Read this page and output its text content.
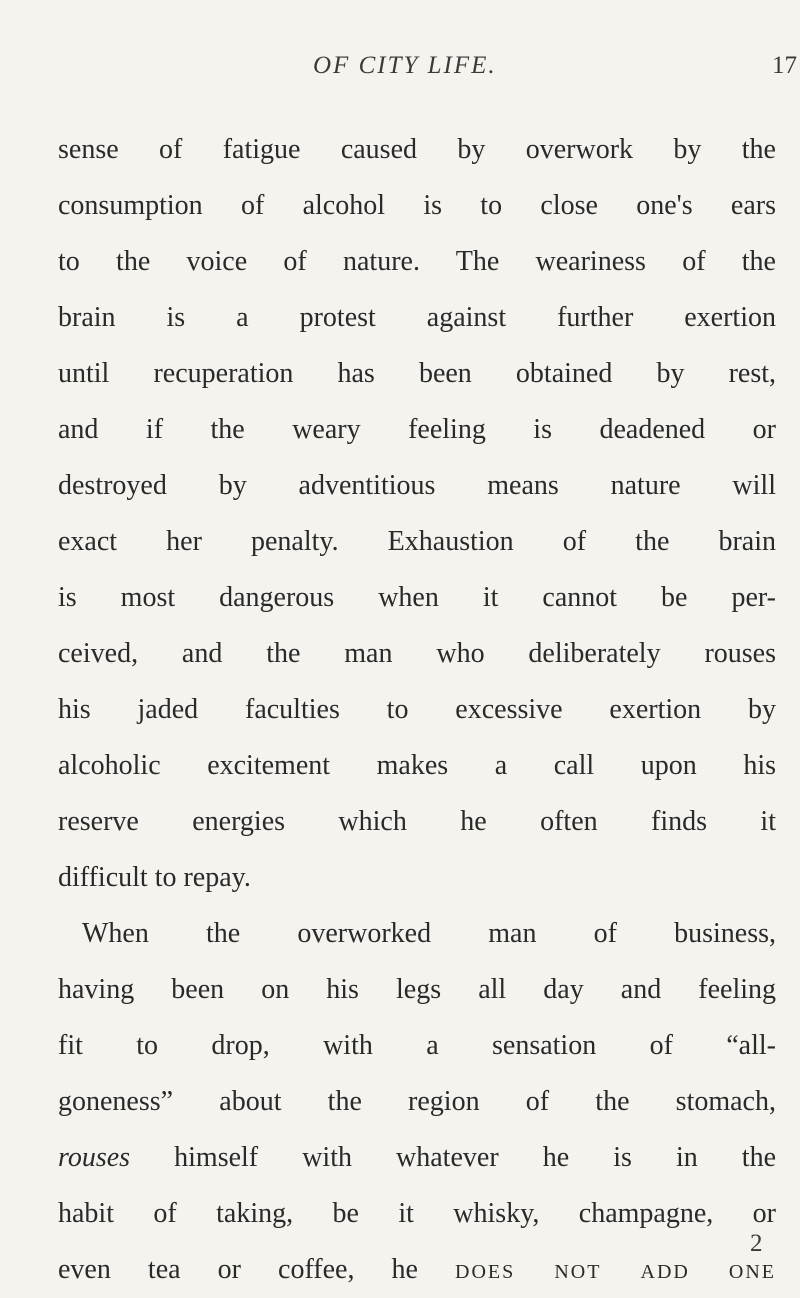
OF CITY LIFE.	17
sense of fatigue caused by overwork by the
consumption of alcohol is to close one's ears
to the voice of nature. The weariness of the
brain is a protest against further exertion
until recuperation has been obtained by rest,
and if the weary feeling is deadened or
destroyed by adventitious means nature will
exact her penalty. Exhaustion of the brain
is most dangerous when it cannot be per-
ceived, and the man who deliberately rouses
his jaded faculties to excessive exertion by
alcoholic excitement makes a call upon his
reserve energies which he often finds it
difficult to repay.
When the overworked man of business,
having been on his legs all day and feeling
fit to drop, with a sensation of “all-
goneness” about the region of the stomach,
rouses himself with whatever he is in the
habit of taking, be it whisky, champagne, or
even tea or coffee, he does not add one
2
